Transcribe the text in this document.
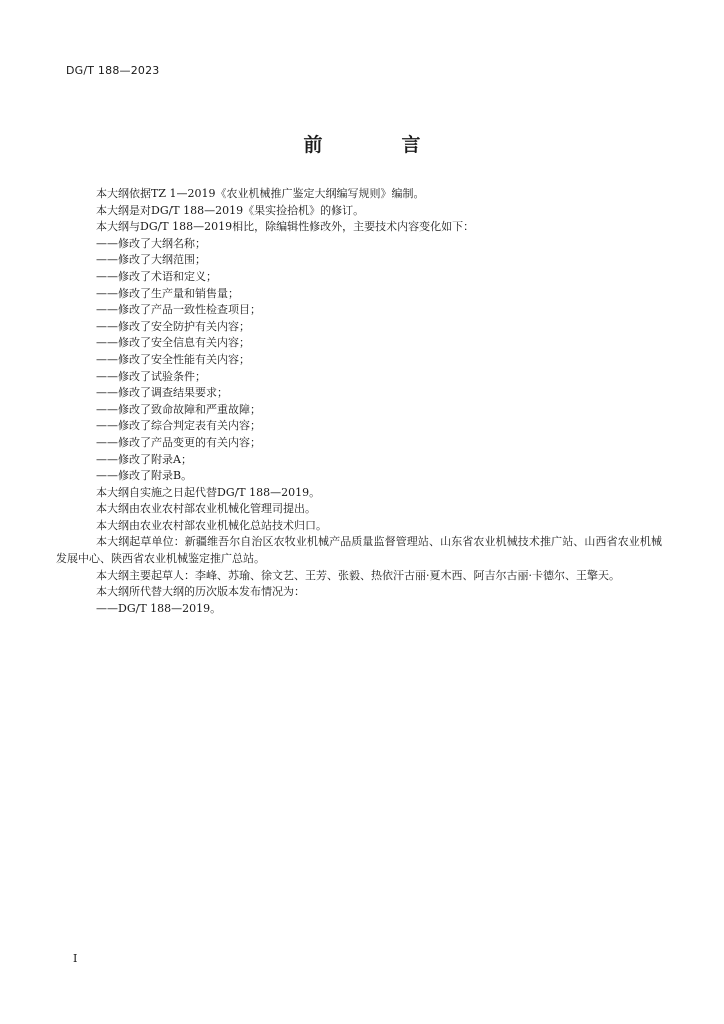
DG/T 188—2023
前　言

本大纲依据TZ 1—2019《农业机械推广鉴定大纲编写规则》编制。

本大纲是对DG/T 188—2019《果实捡拾机》的修订。

本大纲与DG/T 188—2019相比，除编辑性修改外，主要技术内容变化如下：

——修改了大纲名称；

——修改了大纲范围；

——修改了术语和定义；

——修改了生产量和销售量；

——修改了产品一致性检查项目；

——修改了安全防护有关内容；

——修改了安全信息有关内容；

——修改了安全性能有关内容；

——修改了试验条件；

——修改了调查结果要求；

——修改了致命故障和严重故障；

——修改了综合判定表有关内容；

——修改了产品变更的有关内容；

——修改了附录A；

——修改了附录B。

本大纲自实施之日起代替DG/T 188—2019。

本大纲由农业农村部农业机械化管理司提出。

本大纲由农业农村部农业机械化总站技术归口。

本大纲起草单位：新疆维吾尔自治区农牧业机械产品质量监督管理站、山东省农业机械技术推广站、山西省农业机械发展中心、陕西省农业机械鉴定推广总站。

本大纲主要起草人：李峰、苏瑜、徐文艺、王芳、张毅、热依汗古丽·夏木西、阿吉尔古丽·卡德尔、王擎天。

本大纲所代替大纲的历次版本发布情况为：

——DG/T 188—2019。

I
